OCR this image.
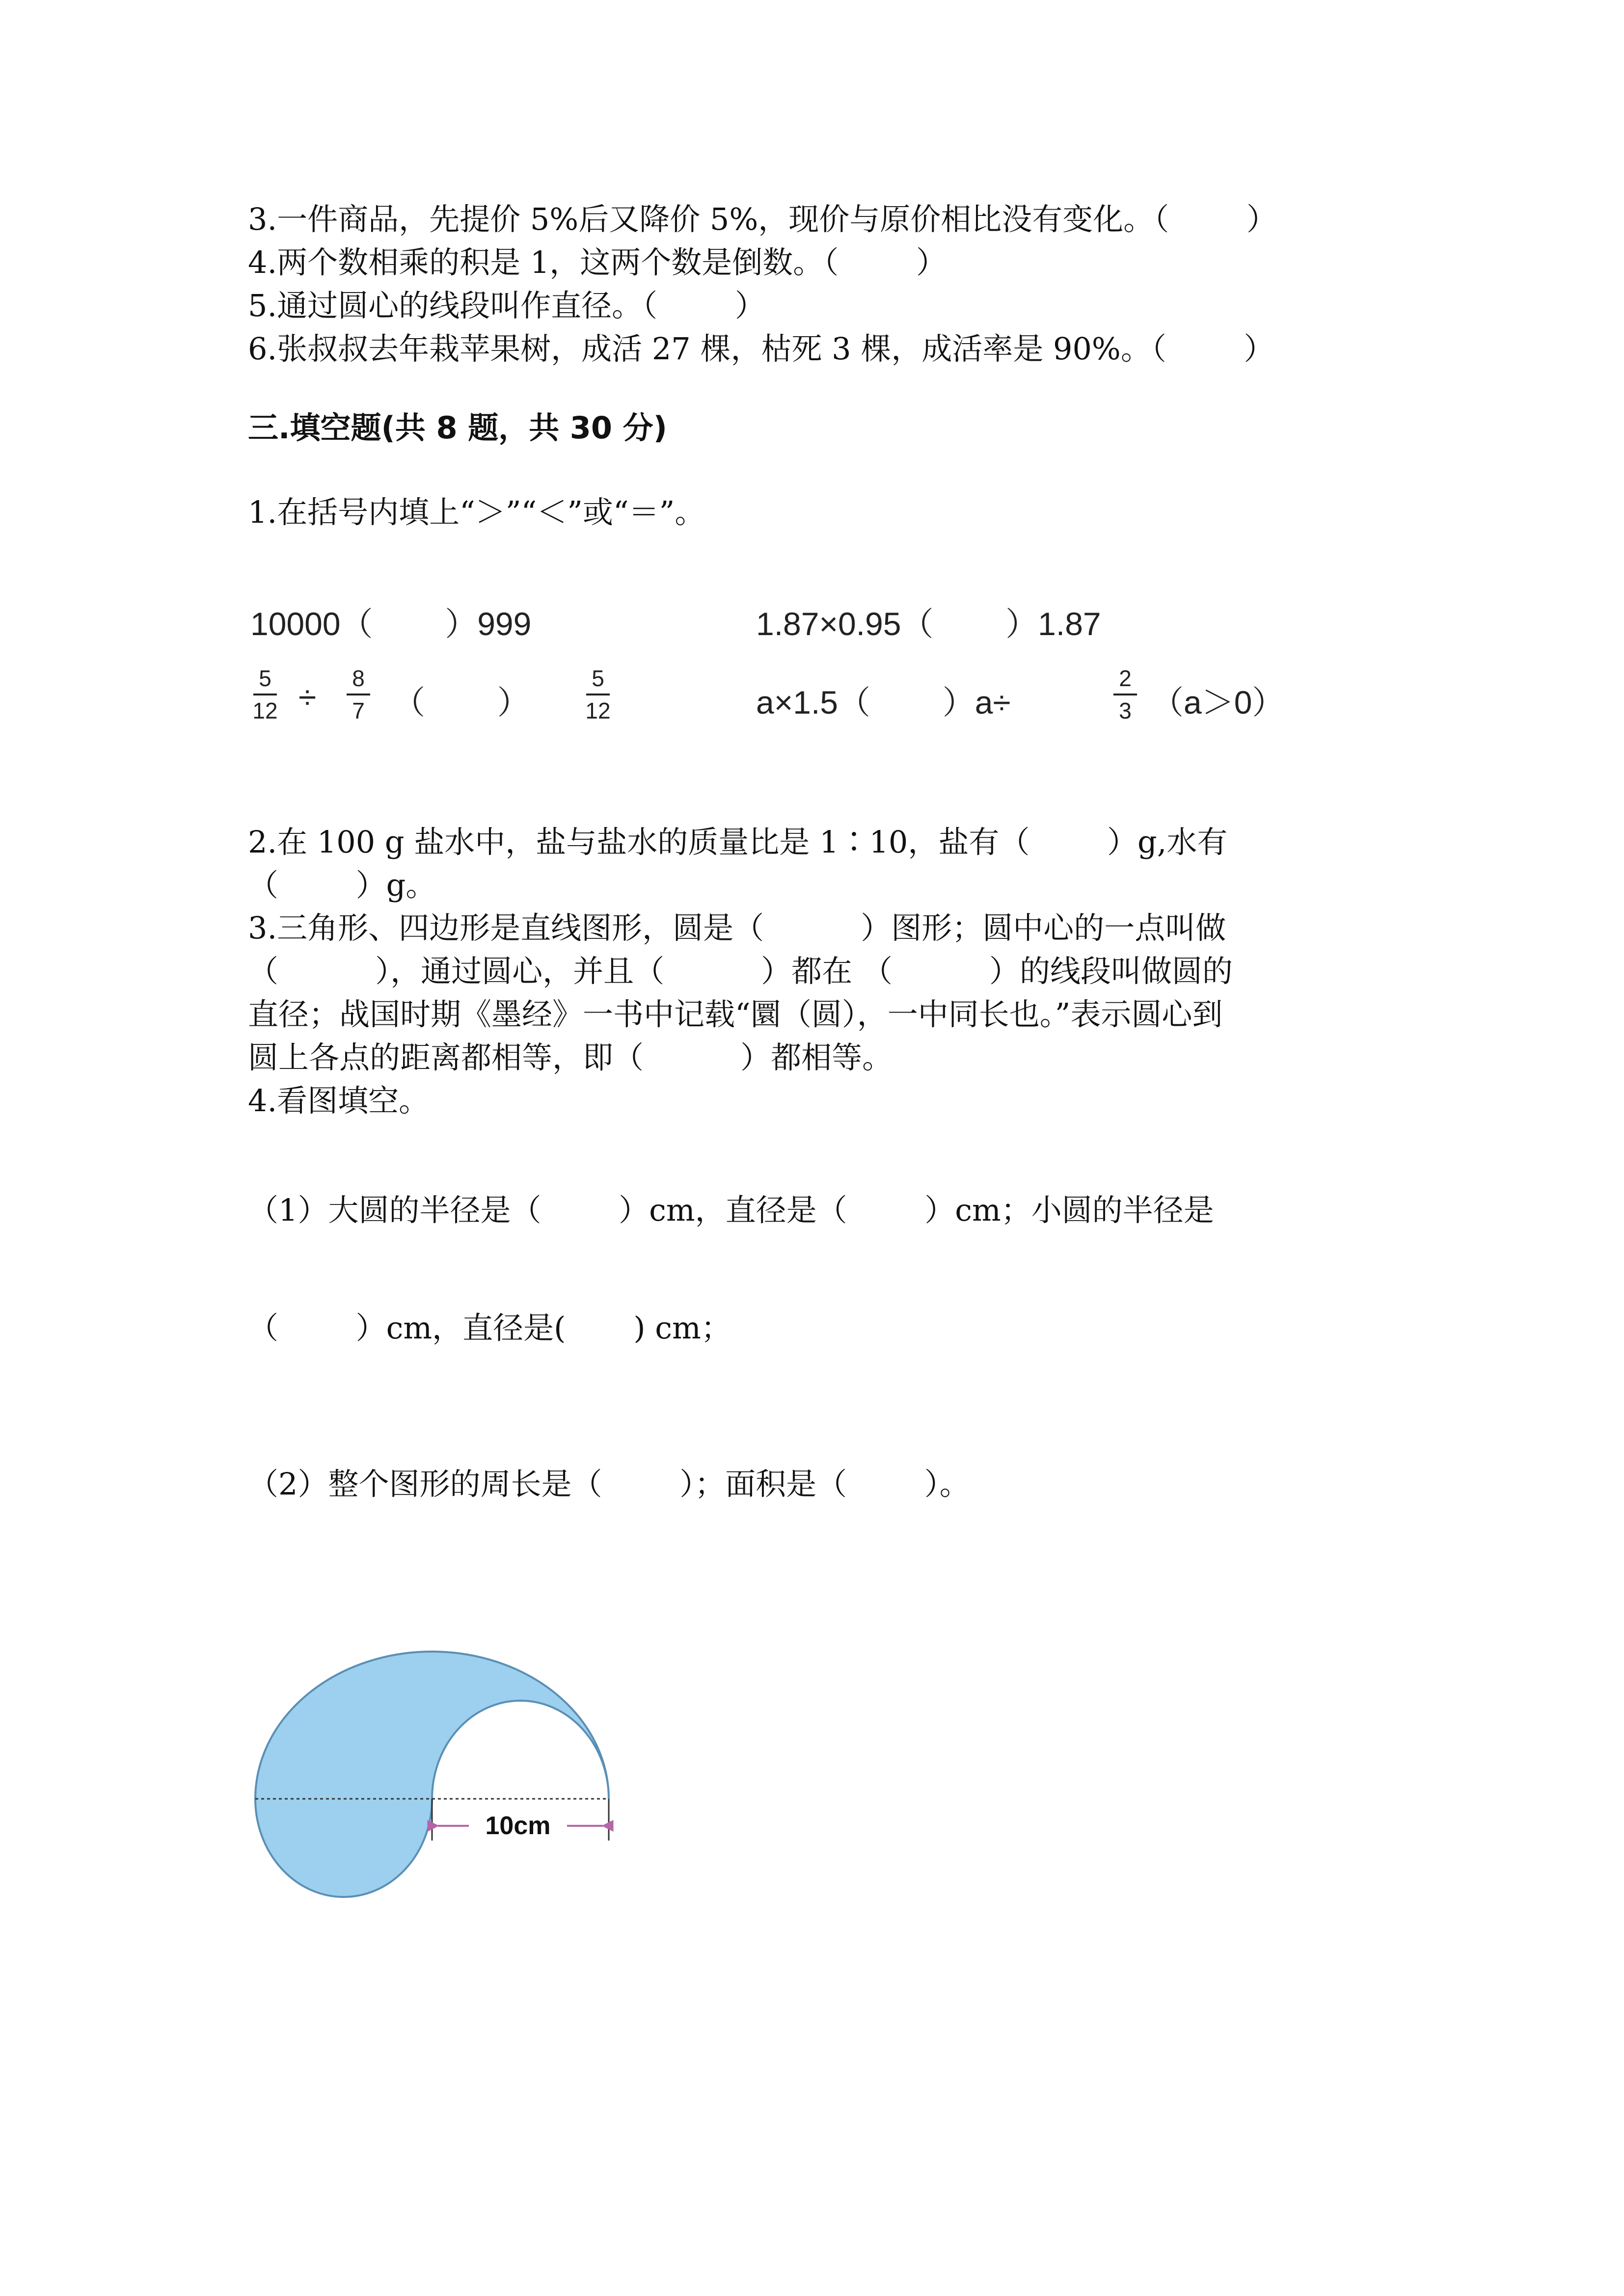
3.一件商品，先提价 5%后又降价 5%，现价与原价相比没有变化。（        ）
4.两个数相乘的积是 1，这两个数是倒数。（        ）
5.通过圆心的线段叫作直径。（        ）
6.张叔叔去年栽苹果树，成活 27 棵，枯死 3 棵，成活率是 90%。（        ）
三.填空题(共 8 题，共 30 分)
1.在括号内填上“＞”“＜”或“＝”。
10000（        ）999	1.87×0.95（        ）1.87
5
12 ÷
8
7 （        ）
5
12	a×1.5（        ）a÷
2
3 （a＞0）
2.在 100 g 盐水中，盐与盐水的质量比是 1∶10，盐有（        ）g,水有
（        ）g。
3.三角形、四边形是直线图形，圆是（          ）图形；圆中心的一点叫做
（          ），通过圆心，并且（          ）都在 （          ）的线段叫做圆的
直径；战国时期《墨经》一书中记载“圜（圆），一中同长也。”表示圆心到
圆上各点的距离都相等，即（          ）都相等。
4.看图填空。
（1）大圆的半径是（        ）cm，直径是（        ）cm；小圆的半径是
（        ）cm，直径是(       ) cm；
（2）整个图形的周长是（        ）；面积是（        ）。
10cm
